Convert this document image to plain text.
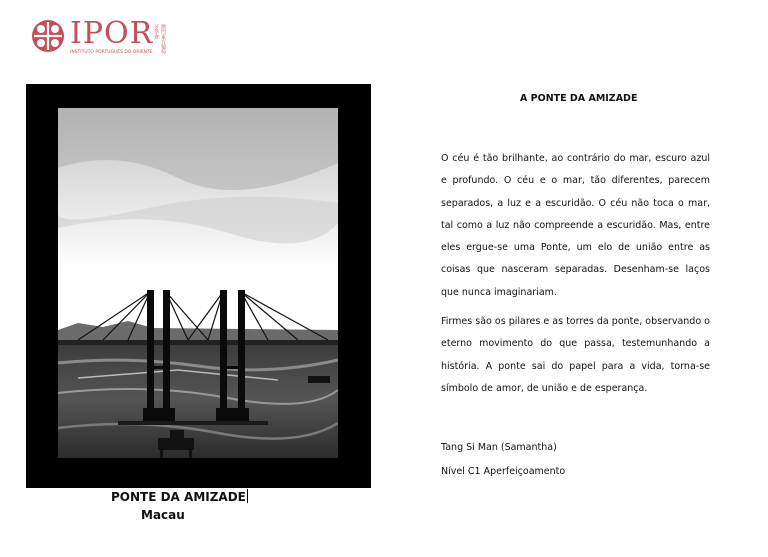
IPOR
INSTITUTO PORTUGUÊS DO ORIENTE	澳門東方葡萄牙學會
PONTE DA AMIZADE
Macau
A PONTE DA AMIZADE

O céu é tão brilhante, ao contrário do mar, escuro azul e profundo. O céu e o mar, tão diferentes, parecem separados, a luz e a escuridão. O céu não toca o mar, tal como a luz não compreende a escuridão. Mas, entre eles ergue-se uma Ponte, um elo de união entre as coisas que nasceram separadas. Desenham-se laços que nunca imaginariam.

Firmes são os pilares e as torres da ponte, observando o eterno movimento do que passa, testemunhando a história. A ponte sai do papel para a vida, torna-se símbolo de amor, de união e de esperança.

Tang Si Man (Samantha)
Nível C1 Aperfeiçoamento
